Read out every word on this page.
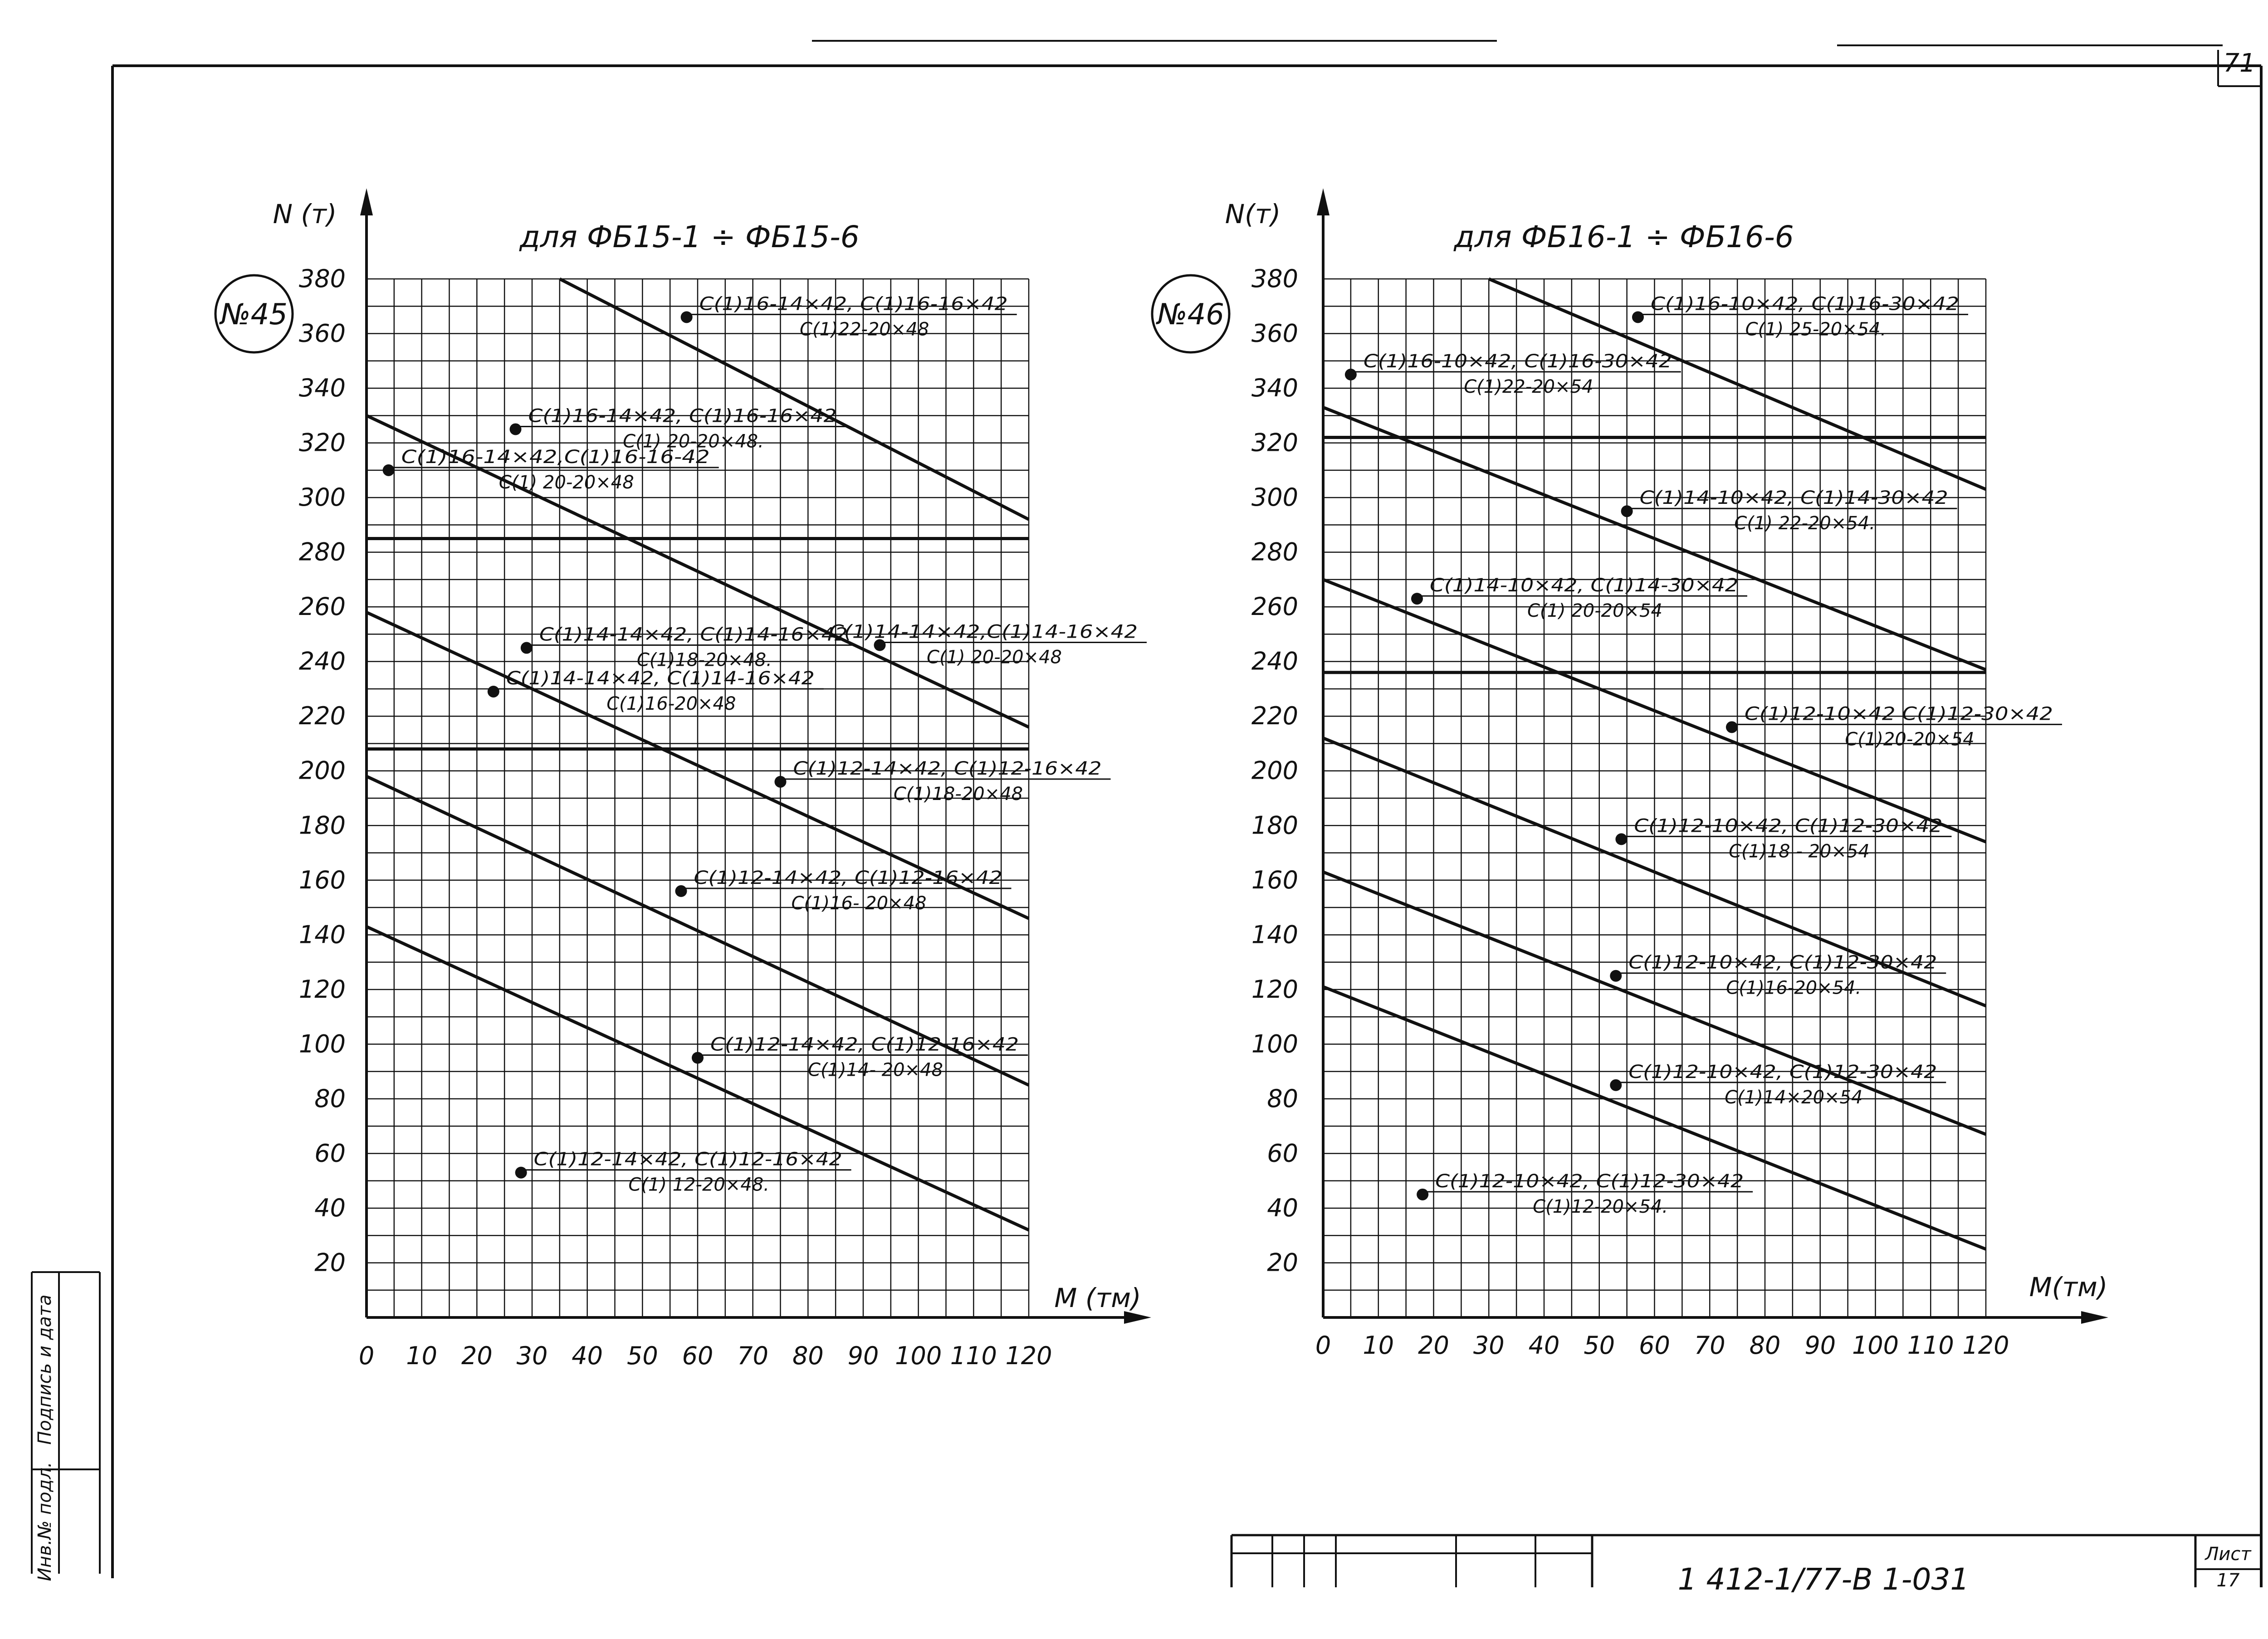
71
Лист
17
1 412-1/77-B 1-031
Инв.№ подл.
Подпись и дата
C(1)16-14×42, C(1)16-16×42
C(1)22-20×48
C(1)16-14×42, C(1)16-16×42
C(1) 20-20×48.
C(1)16-14×42,C(1)16-16-42
C(1) 20-20×48
C(1)14-14×42, C(1)14-16×42
C(1)18-20×48.
C(1)14-14×42,C(1)14-16×42
C(1) 20-20×48
C(1)14-14×42, C(1)14-16×42
C(1)16-20×48
C(1)12-14×42, C(1)12-16×42
C(1)18-20×48
C(1)12-14×42, C(1)12-16×42
C(1)16- 20×48
C(1)12-14×42, C(1)12-16×42
C(1)14- 20×48
C(1)12-14×42, C(1)12-16×42
C(1) 12-20×48.
0 10 20 30 40 50 60 70 80 90 100 110 120
20
40
60
80
100
120
140
160
180
200
220
240
260
280
300
320
340
360
380
№45
для ФБ15-1 ÷ ФБ15-6
N (т)
M (тм)
C(1)16-10×42, C(1)16-30×42
C(1) 25-20×54.
C(1)16-10×42, C(1)16-30×42
C(1)22-20×54
C(1)14-10×42, C(1)14-30×42
C(1) 22-20×54.
C(1)14-10×42, C(1)14-30×42
C(1) 20-20×54
C(1)12-10×42 C(1)12-30×42
C(1)20-20×54
C(1)12-10×42, C(1)12-30×42
C(1)18 - 20×54
C(1)12-10×42, C(1)12-30×42
C(1)16-20×54.
C(1)12-10×42, C(1)12-30×42
C(1)14×20×54
C(1)12-10×42, C(1)12-30×42
C(1)12-20×54.
0 10 20 30 40 50 60 70 80 90 100 110 120
20
40
60
80
100
120
140
160
180
200
220
240
260
280
300
320
340
360
380
№46
для ФБ16-1 ÷ ФБ16-6
N(т)
M(тм)
